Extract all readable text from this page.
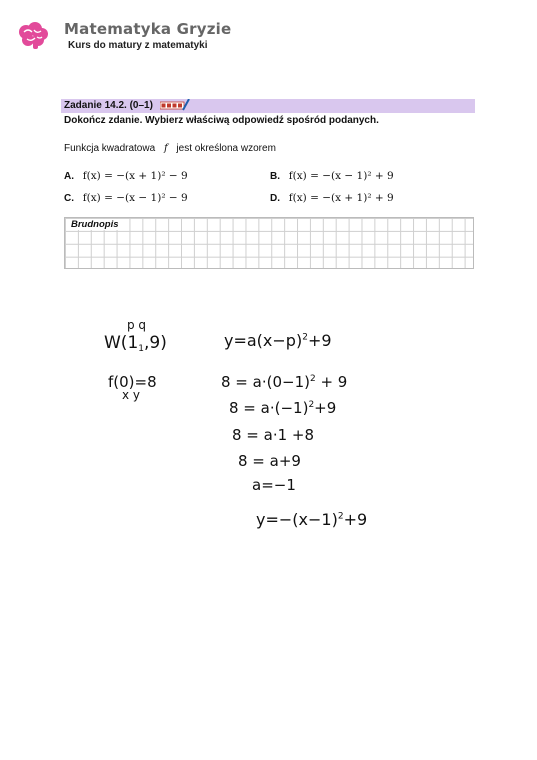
Matematyka Gryzie
Kurs do matury z matematyki
Zadanie 14.2. (0–1)
Dokończ zdanie. Wybierz właściwą odpowiedź spośród podanych.
Funkcja kwadratowa f jest określona wzorem
A. f(x) = −(x + 1)² − 9	B. f(x) = −(x − 1)² + 9
C. f(x) = −(x − 1)² − 9	D. f(x) = −(x + 1)² + 9
Brudnopis
p q
$W(1_1,9)$
f(0)=8
x y
$y=a(x-p)^2+9$
$8 = a\cdot(0-1)^2 + 9$
$8 = a\cdot(-1)^2+9$
8 = a·1 +8
8 = a+9
a=−1
$y=-(x-1)^2+9$
